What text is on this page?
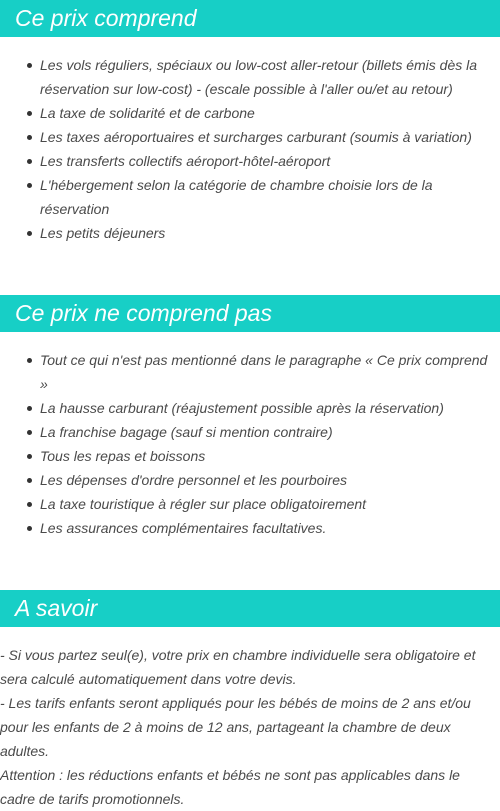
Ce prix comprend
Les vols réguliers, spéciaux ou low-cost aller-retour (billets émis dès la réservation sur low-cost) - (escale possible à l'aller ou/et au retour)
La taxe de solidarité et de carbone
Les taxes aéroportuaires et surcharges carburant (soumis à variation)
Les transferts collectifs aéroport-hôtel-aéroport
L'hébergement selon la catégorie de chambre choisie lors de la réservation
Les petits déjeuners
Ce prix ne comprend pas
Tout ce qui n'est pas mentionné dans le paragraphe « Ce prix comprend »
La hausse carburant (réajustement possible après la réservation)
La franchise bagage (sauf si mention contraire)
Tous les repas et boissons
Les dépenses d'ordre personnel et les pourboires
La taxe touristique à régler sur place obligatoirement
Les assurances complémentaires facultatives.
A savoir

- Si vous partez seul(e), votre prix en chambre individuelle sera obligatoire et sera calculé automatiquement dans votre devis.

- Les tarifs enfants seront appliqués pour les bébés de moins de 2 ans et/ou pour les enfants de 2 à moins de 12 ans, partageant la chambre de deux adultes.

Attention : les réductions enfants et bébés ne sont pas applicables dans le cadre de tarifs promotionnels.
